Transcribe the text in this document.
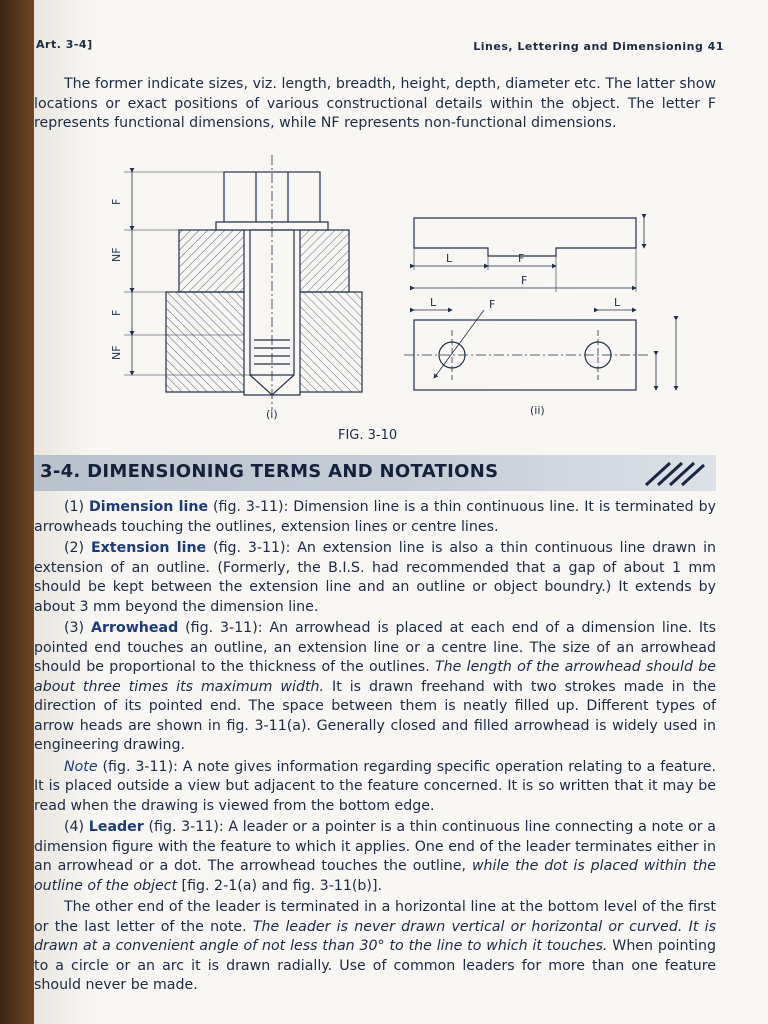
Art. 3-4]	Lines, Lettering and Dimensioning 41

The former indicate sizes, viz. length, breadth, height, depth, diameter etc. The latter show locations or exact positions of various constructional details within the object. The letter F represents functional dimensions, while NF represents non-functional dimensions.

F
NF
F
NF
(i)
L	F
F
L	L
F
(ii)
FIG. 3-10
3-4. DIMENSIONING TERMS AND NOTATIONS

(1) Dimension line (fig. 3-11): Dimension line is a thin continuous line. It is terminated by arrowheads touching the outlines, extension lines or centre lines.

(2) Extension line (fig. 3-11): An extension line is also a thin continuous line drawn in extension of an outline. (Formerly, the B.I.S. had recommended that a gap of about 1 mm should be kept between the extension line and an outline or object boundry.) It extends by about 3 mm beyond the dimension line.

(3) Arrowhead (fig. 3-11): An arrowhead is placed at each end of a dimension line. Its pointed end touches an outline, an extension line or a centre line. The size of an arrowhead should be proportional to the thickness of the outlines. The length of the arrowhead should be about three times its maximum width. It is drawn freehand with two strokes made in the direction of its pointed end. The space between them is neatly filled up. Different types of arrow heads are shown in fig. 3-11(a). Generally closed and filled arrowhead is widely used in engineering drawing.

Note (fig. 3-11): A note gives information regarding specific operation relating to a feature. It is placed outside a view but adjacent to the feature concerned. It is so written that it may be read when the drawing is viewed from the bottom edge.

(4) Leader (fig. 3-11): A leader or a pointer is a thin continuous line connecting a note or a dimension figure with the feature to which it applies. One end of the leader terminates either in an arrowhead or a dot. The arrowhead touches the outline, while the dot is placed within the outline of the object [fig. 2-1(a) and fig. 3-11(b)].

The other end of the leader is terminated in a horizontal line at the bottom level of the first or the last letter of the note. The leader is never drawn vertical or horizontal or curved. It is drawn at a convenient angle of not less than 30° to the line to which it touches. When pointing to a circle or an arc it is drawn radially. Use of common leaders for more than one feature should never be made.
